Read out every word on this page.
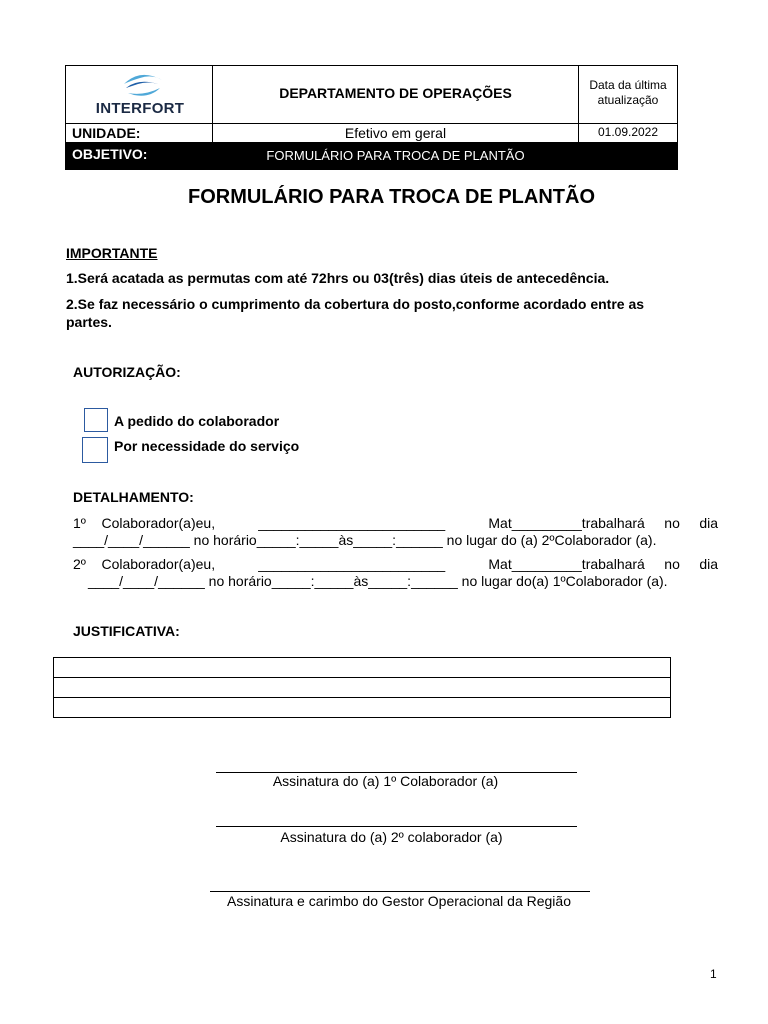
INTERFORT
DEPARTAMENTO DE OPERAÇÕES	Data da última
atualização
UNIDADE:	Efetivo em geral	01.09.2022
OBJETIVO:	FORMULÁRIO PARA TROCA DE PLANTÃO
FORMULÁRIO PARA TROCA DE PLANTÃO
IMPORTANTE
1.Será acatada as permutas com até 72hrs ou 03(três) dias úteis de antecedência.
2.Se faz necessário o cumprimento da cobertura do posto,conforme acordado entre as
partes.
AUTORIZAÇÃO:
A pedido do colaborador
Por necessidade do serviço
DETALHAMENTO:
1º    Colaborador(a)eu,	________________________	Mat_________trabalhará     no     dia
____/____/______ no horário_____:_____às_____:______ no lugar do (a) 2ºColaborador (a).
2º    Colaborador(a)eu,	________________________	Mat_________trabalhará     no     dia
____/____/______ no horário_____:_____às_____:______ no lugar do(a) 1ºColaborador (a).
JUSTIFICATIVA:
Assinatura do (a) 1º Colaborador (a)
Assinatura do (a) 2º colaborador (a)
Assinatura e carimbo do Gestor Operacional da Região
1
